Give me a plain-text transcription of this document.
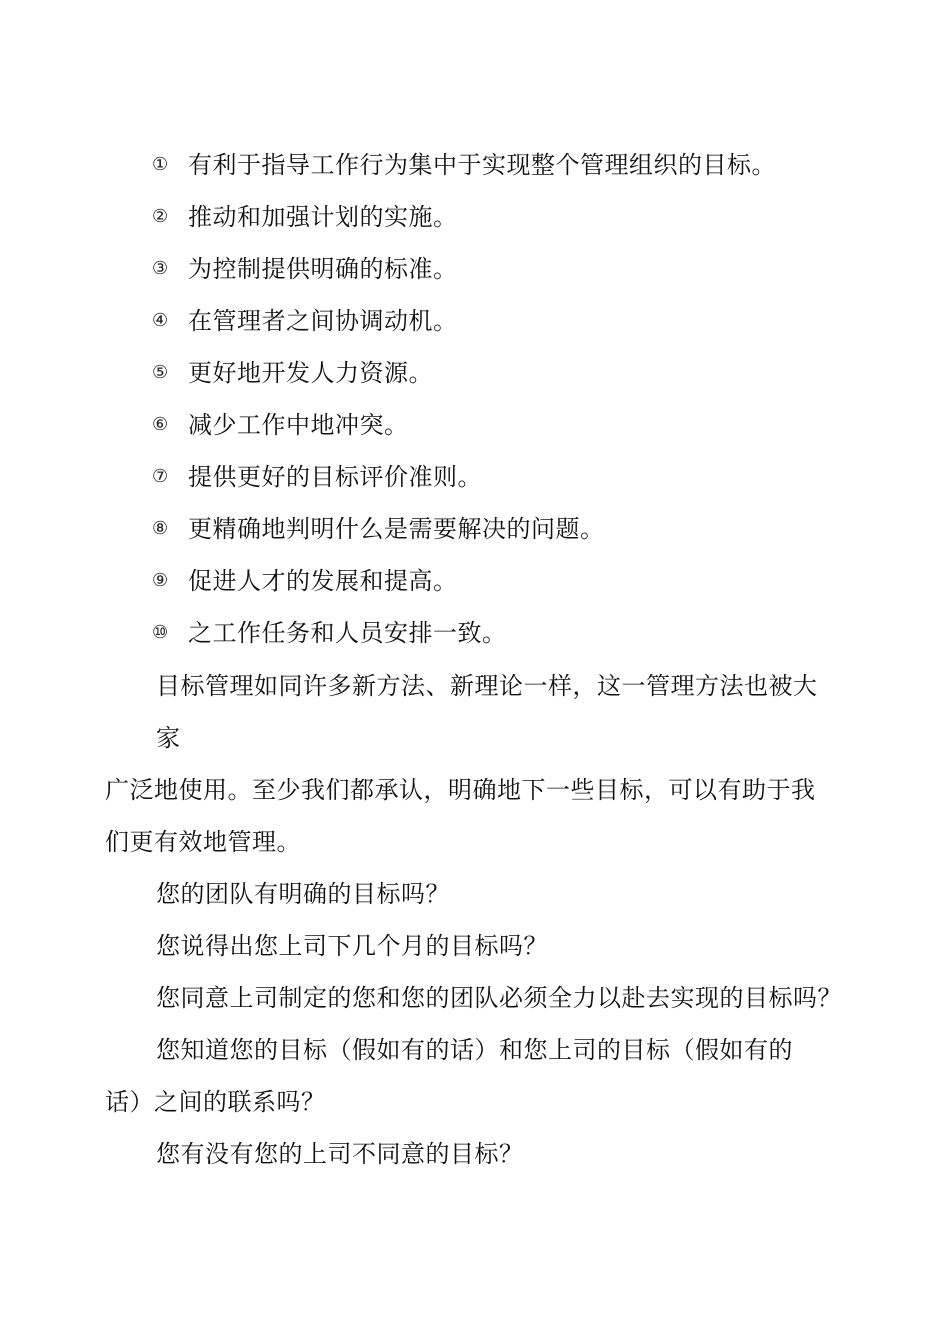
① 有利于指导工作行为集中于实现整个管理组织的目标。
② 推动和加强计划的实施。
③ 为控制提供明确的标准。
④ 在管理者之间协调动机。
⑤ 更好地开发人力资源。
⑥ 减少工作中地冲突。
⑦ 提供更好的目标评价准则。
⑧ 更精确地判明什么是需要解决的问题。
⑨ 促进人才的发展和提高。
⑩ 之工作任务和人员安排一致。
目标管理如同许多新方法、新理论一样，这一管理方法也被大
家
广泛地使用。至少我们都承认，明确地下一些目标，可以有助于我
们更有效地管理。
您的团队有明确的目标吗？
您说得出您上司下几个月的目标吗？
您同意上司制定的您和您的团队必须全力以赴去实现的目标吗？
您知道您的目标（假如有的话）和您上司的目标（假如有的
话）之间的联系吗？
您有没有您的上司不同意的目标？
